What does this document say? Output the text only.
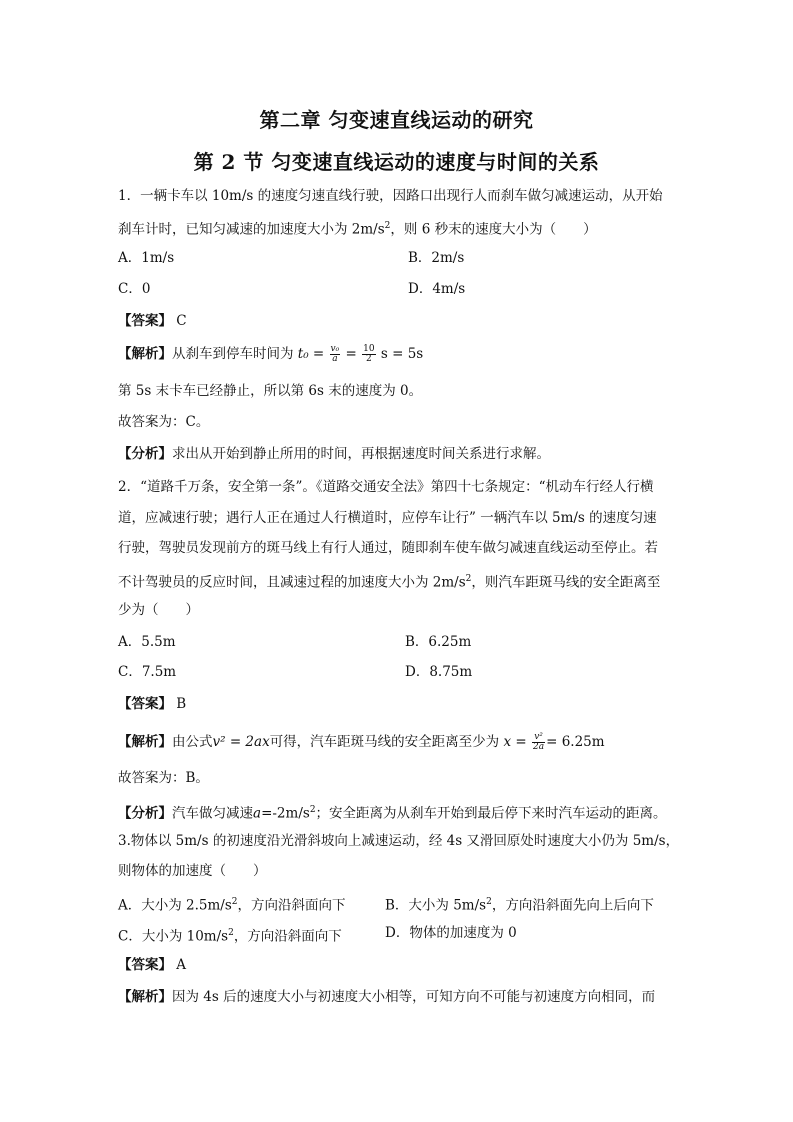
第二章 匀变速直线运动的研究
第 2 节 匀变速直线运动的速度与时间的关系
1．一辆卡车以 10m/s 的速度匀速直线行驶，因路口出现行人而刹车做匀减速运动，从开始
刹车计时，已知匀减速的加速度大小为 $2m/s^2$，则 6 秒末的速度大小为（　　）
A．1m/s	B．2m/s
C．0	D．4m/s
【答案】 C
【解析】从刹车到停车时间为 $t_0 = \frac{\text{v₀}}{a} = \frac{10}{2}$ s = 5s
第 5s 末卡车已经静止，所以第 6s 末的速度为 0。
故答案为：C。
【分析】求出从开始到静止所用的时间，再根据速度时间关系进行求解。
2．“道路千万条，安全第一条”。《道路交通安全法》第四十七条规定：“机动车行经人行横
道，应减速行驶；遇行人正在通过人行横道时，应停车让行” 一辆汽车以 5m/s 的速度匀速
行驶，驾驶员发现前方的斑马线上有行人通过，随即刹车使车做匀减速直线运动至停止。若
不计驾驶员的反应时间，且减速过程的加速度大小为 $2m/s^2$，则汽车距斑马线的安全距离至
少为（　　）
A．5.5m	B．6.25m
C．7.5m	D．8.75m
【答案】 B
【解析】由公式v² = 2ax可得，汽车距斑马线的安全距离至少为 $x = \frac{\text{v²}}{2a} = 6.25m$
故答案为：B。
【分析】汽车做匀减速$a=-2m/s^2$；安全距离为从刹车开始到最后停下来时汽车运动的距离。
3.物体以 5m/s 的初速度沿光滑斜坡向上减速运动，经 4s 又滑回原处时速度大小仍为 5m/s，
则物体的加速度（　　）
A．大小为 $2.5m/s^2$，方向沿斜面向下	B．大小为 $5m/s^2$，方向沿斜面先向上后向下
C．大小为 $10m/s^2$，方向沿斜面向下	D．物体的加速度为 0
【答案】 A
【解析】因为 4s 后的速度大小与初速度大小相等，可知方向不可能与初速度方向相同，而
